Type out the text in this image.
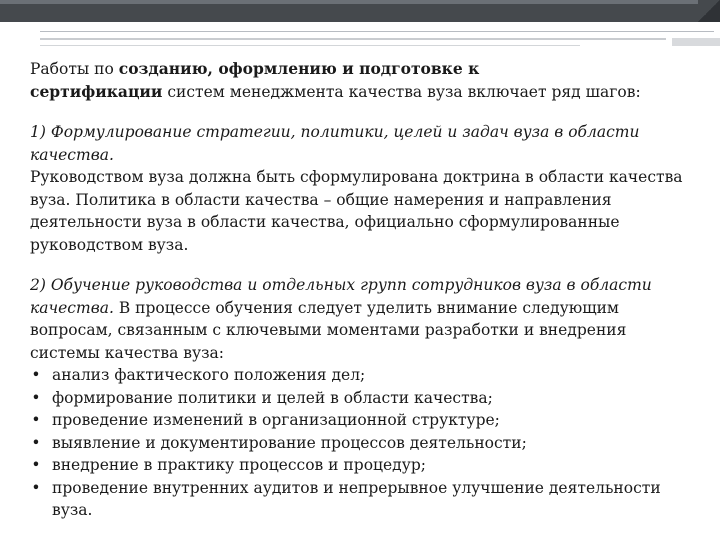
Работы по созданию, оформлению и подготовке к
сертификации систем менеджмента качества вуза включает ряд шагов:

1) Формулирование стратегии, политики, целей и задач вуза в области качества.
Руководством вуза должна быть сформулирована доктрина в области качества вуза. Политика в области качества – общие намерения и направления деятельности вуза в области качества, официально сформулированные руководством вуза.

2) Обучение руководства и отдельных групп сотрудников вуза в области качества. В процессе обучения следует уделить внимание следующим вопросам, связанным с ключевыми моментами разработки и внедрения системы качества вуза:

• анализ фактического положения дел;
• формирование политики и целей в области качества;
• проведение изменений в организационной структуре;
• выявление и документирование процессов деятельности;
• внедрение в практику процессов и процедур;
• проведение внутренних аудитов и непрерывное улучшение деятельности вуза.
